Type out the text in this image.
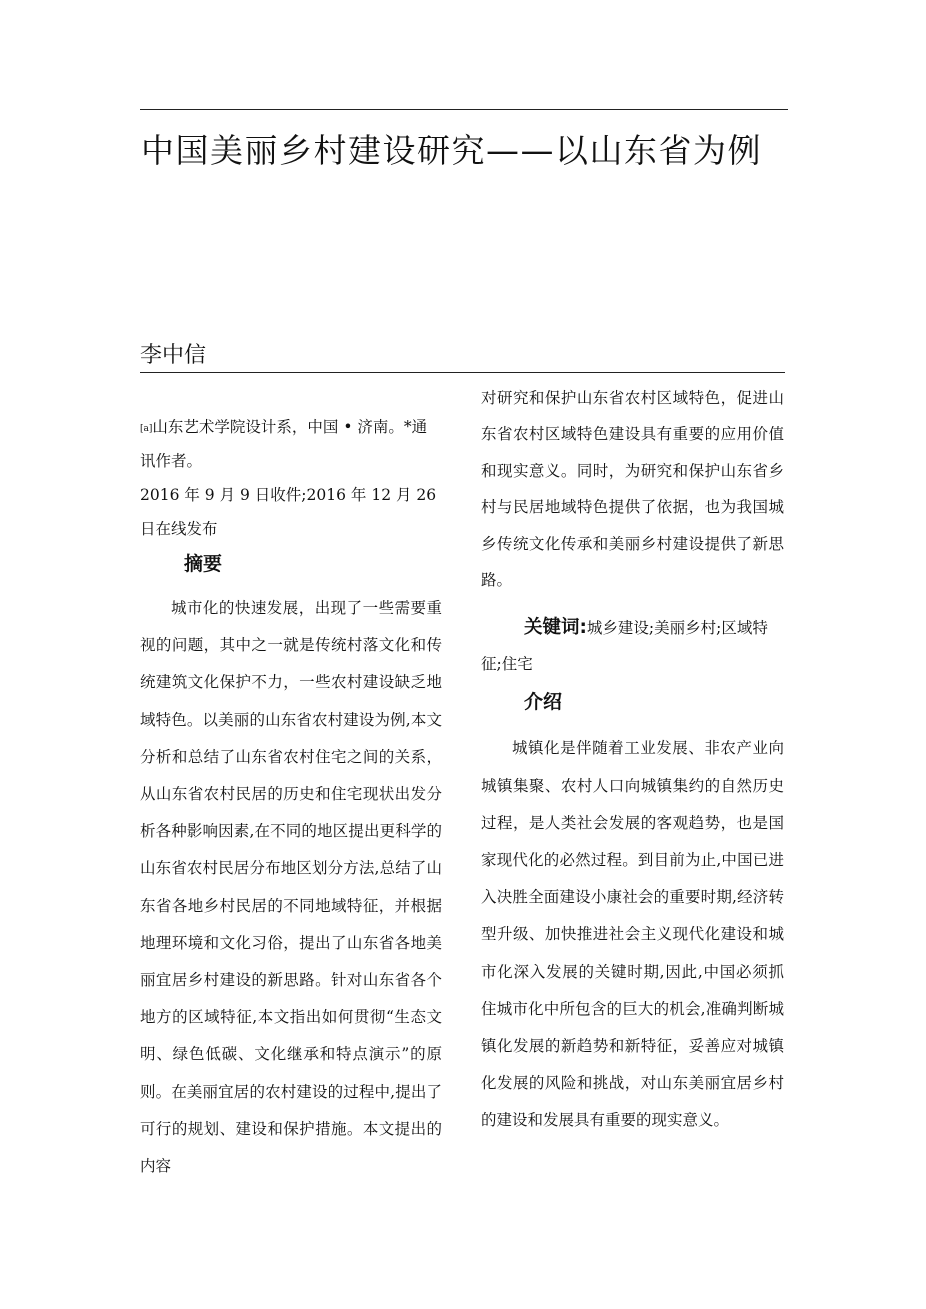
中国美丽乡村建设研究——以山东省为例
李中信

[a]山东艺术学院设计系，中国 • 济南。*通讯作者。

2016 年 9 月 9 日收件;2016 年 12 月 26 日在线发布

摘要

城市化的快速发展，出现了一些需要重视的问题，其中之一就是传统村落文化和传统建筑文化保护不力，一些农村建设缺乏地域特色。以美丽的山东省农村建设为例,本文分析和总结了山东省农村住宅之间的关系，从山东省农村民居的历史和住宅现状出发分析各种影响因素,在不同的地区提出更科学的山东省农村民居分布地区划分方法,总结了山东省各地乡村民居的不同地域特征，并根据地理环境和文化习俗，提出了山东省各地美丽宜居乡村建设的新思路。针对山东省各个地方的区域特征,本文指出如何贯彻“生态文明、绿色低碳、文化继承和特点演示”的原则。在美丽宜居的农村建设的过程中,提出了可行的规划、建设和保护措施。本文提出的内容

对研究和保护山东省农村区域特色，促进山东省农村区域特色建设具有重要的应用价值和现实意义。同时，为研究和保护山东省乡村与民居地域特色提供了依据，也为我国城乡传统文化传承和美丽乡村建设提供了新思路。

关键词:城乡建设;美丽乡村;区域特征;住宅

介绍

城镇化是伴随着工业发展、非农产业向城镇集聚、农村人口向城镇集约的自然历史过程，是人类社会发展的客观趋势，也是国家现代化的必然过程。到目前为止,中国已进入决胜全面建设小康社会的重要时期,经济转型升级、加快推进社会主义现代化建设和城市化深入发展的关键时期,因此,中国必须抓住城市化中所包含的巨大的机会,准确判断城镇化发展的新趋势和新特征，妥善应对城镇化发展的风险和挑战，对山东美丽宜居乡村的建设和发展具有重要的现实意义。
